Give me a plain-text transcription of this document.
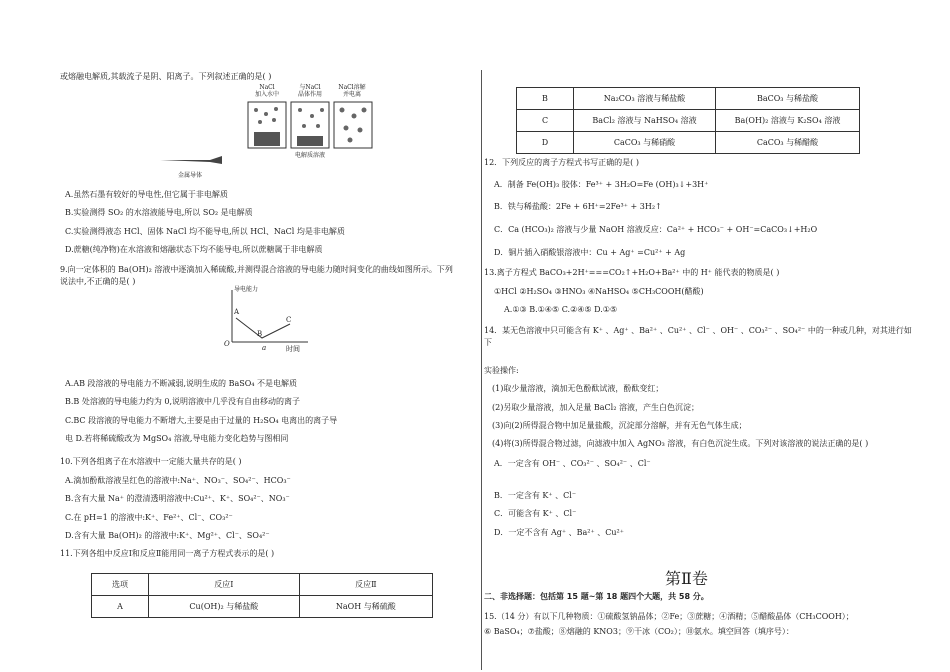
或熔融电解质,其载流子是阴、阳离子。下列叙述正确的是( )
NaCl
加入水中
与NaCl
晶体作用
NaCl溶解
并电离
电解质溶液
金属导体
A.虽然石墨有较好的导电性,但它属于非电解质
B.实验测得 SO₂ 的水溶液能导电,所以 SO₂ 是电解质
C.实验测得液态 HCl、固体 NaCl 均不能导电,所以 HCl、NaCl 均是非电解质
D.蔗糖(纯净物)在水溶液和熔融状态下均不能导电,所以蔗糖属于非电解质
9.向一定体积的 Ba(OH)₂ 溶液中逐滴加入稀硫酸,并测得混合溶液的导电能力随时间变化的曲线如图所示。下列
说法中,不正确的是( )
导电能力
A
B
C
O	a	时间
A.AB 段溶液的导电能力不断减弱,说明生成的 BaSO₄ 不是电解质
B.B 处溶液的导电能力约为 0,说明溶液中几乎没有自由移动的离子
C.BC 段溶液的导电能力不断增大,主要是由于过量的 H₂SO₄ 电离出的离子导
电 D.若将稀硫酸改为 MgSO₄ 溶液,导电能力变化趋势与图相同
10.下列各组离子在水溶液中一定能大量共存的是( )
A.滴加酚酞溶液呈红色的溶液中:Na⁺、NO₃⁻、SO₄²⁻、HCO₃⁻
B.含有大量 Na⁺ 的澄清透明溶液中:Cu²⁺、K⁺、SO₄²⁻、NO₃⁻
C.在 pH=1 的溶液中:K⁺、Fe²⁺、Cl⁻、CO₃²⁻
D.含有大量 Ba(OH)₂ 的溶液中:K⁺、Mg²⁺、Cl⁻、SO₄²⁻
11.下列各组中反应Ⅰ和反应Ⅱ能用同一离子方程式表示的是( )
选项	反应Ⅰ	反应Ⅱ
A	Cu(OH)₂ 与稀盐酸	NaOH 与稀硫酸
B	Na₂CO₃ 溶液与稀盐酸	BaCO₃ 与稀盐酸
C	BaCl₂ 溶液与 NaHSO₄ 溶液	Ba(OH)₂ 溶液与 K₂SO₄ 溶液
D	CaCO₃ 与稀硝酸	CaCO₃ 与稀醋酸
12．下列反应的离子方程式书写正确的是( )
A．制备 Fe(OH)₃ 胶体：Fe³⁺ + 3H₂O=Fe (OH)₃↓+3H⁺
B．铁与稀盐酸：2Fe + 6H⁺=2Fe³⁺ + 3H₂↑
C．Ca (HCO₃)₂ 溶液与少量 NaOH 溶液反应：Ca²⁺ + HCO₃⁻ + OH⁻=CaCO₃↓+H₂O
D．铜片插入硝酸银溶液中：Cu + Ag⁺ =Cu²⁺ + Ag
13.离子方程式 BaCO₃+2H⁺===CO₂↑+H₂O+Ba²⁺ 中的 H⁺ 能代表的物质是( )
①HCl ②H₂SO₄ ③HNO₃ ④NaHSO₄ ⑤CH₃COOH(醋酸)
A.①③ B.①④⑤ C.②④⑤ D.①⑤
14．某无色溶液中只可能含有 K⁺ 、Ag⁺ 、Ba²⁺ 、Cu²⁺ 、Cl⁻ 、OH⁻ 、CO₃²⁻ 、SO₄²⁻ 中的一种或几种，对其进行如
下
实验操作:
(1)取少量溶液，滴加无色酚酞试液，酚酞变红；
(2)另取少量溶液，加入足量 BaCl₂ 溶液，产生白色沉淀；
(3)向(2)所得混合物中加足量盐酸，沉淀部分溶解，并有无色气体生成；
(4)将(3)所得混合物过滤，向滤液中加入 AgNO₃ 溶液，有白色沉淀生成。下列对该溶液的说法正确的是( )
A．一定含有 OH⁻ 、CO₃²⁻ 、SO₄²⁻ 、Cl⁻
B．一定含有 K⁺ 、Cl⁻
C．可能含有 K⁺ 、Cl⁻
D．一定不含有 Ag⁺ 、Ba²⁺ 、Cu²⁺
第Ⅱ卷
二、非选择题：包括第 15 题~第 18 题四个大题，共 58 分。
15.（14 分）有以下几种物质：①硫酸氢钠晶体；②Fe；③蔗糖；④酒精；⑤醋酸晶体（CH₃COOH）；
⑥ BaSO₄；⑦盐酸；⑧熔融的 KNO3；⑨干冰（CO₂）；⑩氨水。填空回答（填序号）：
